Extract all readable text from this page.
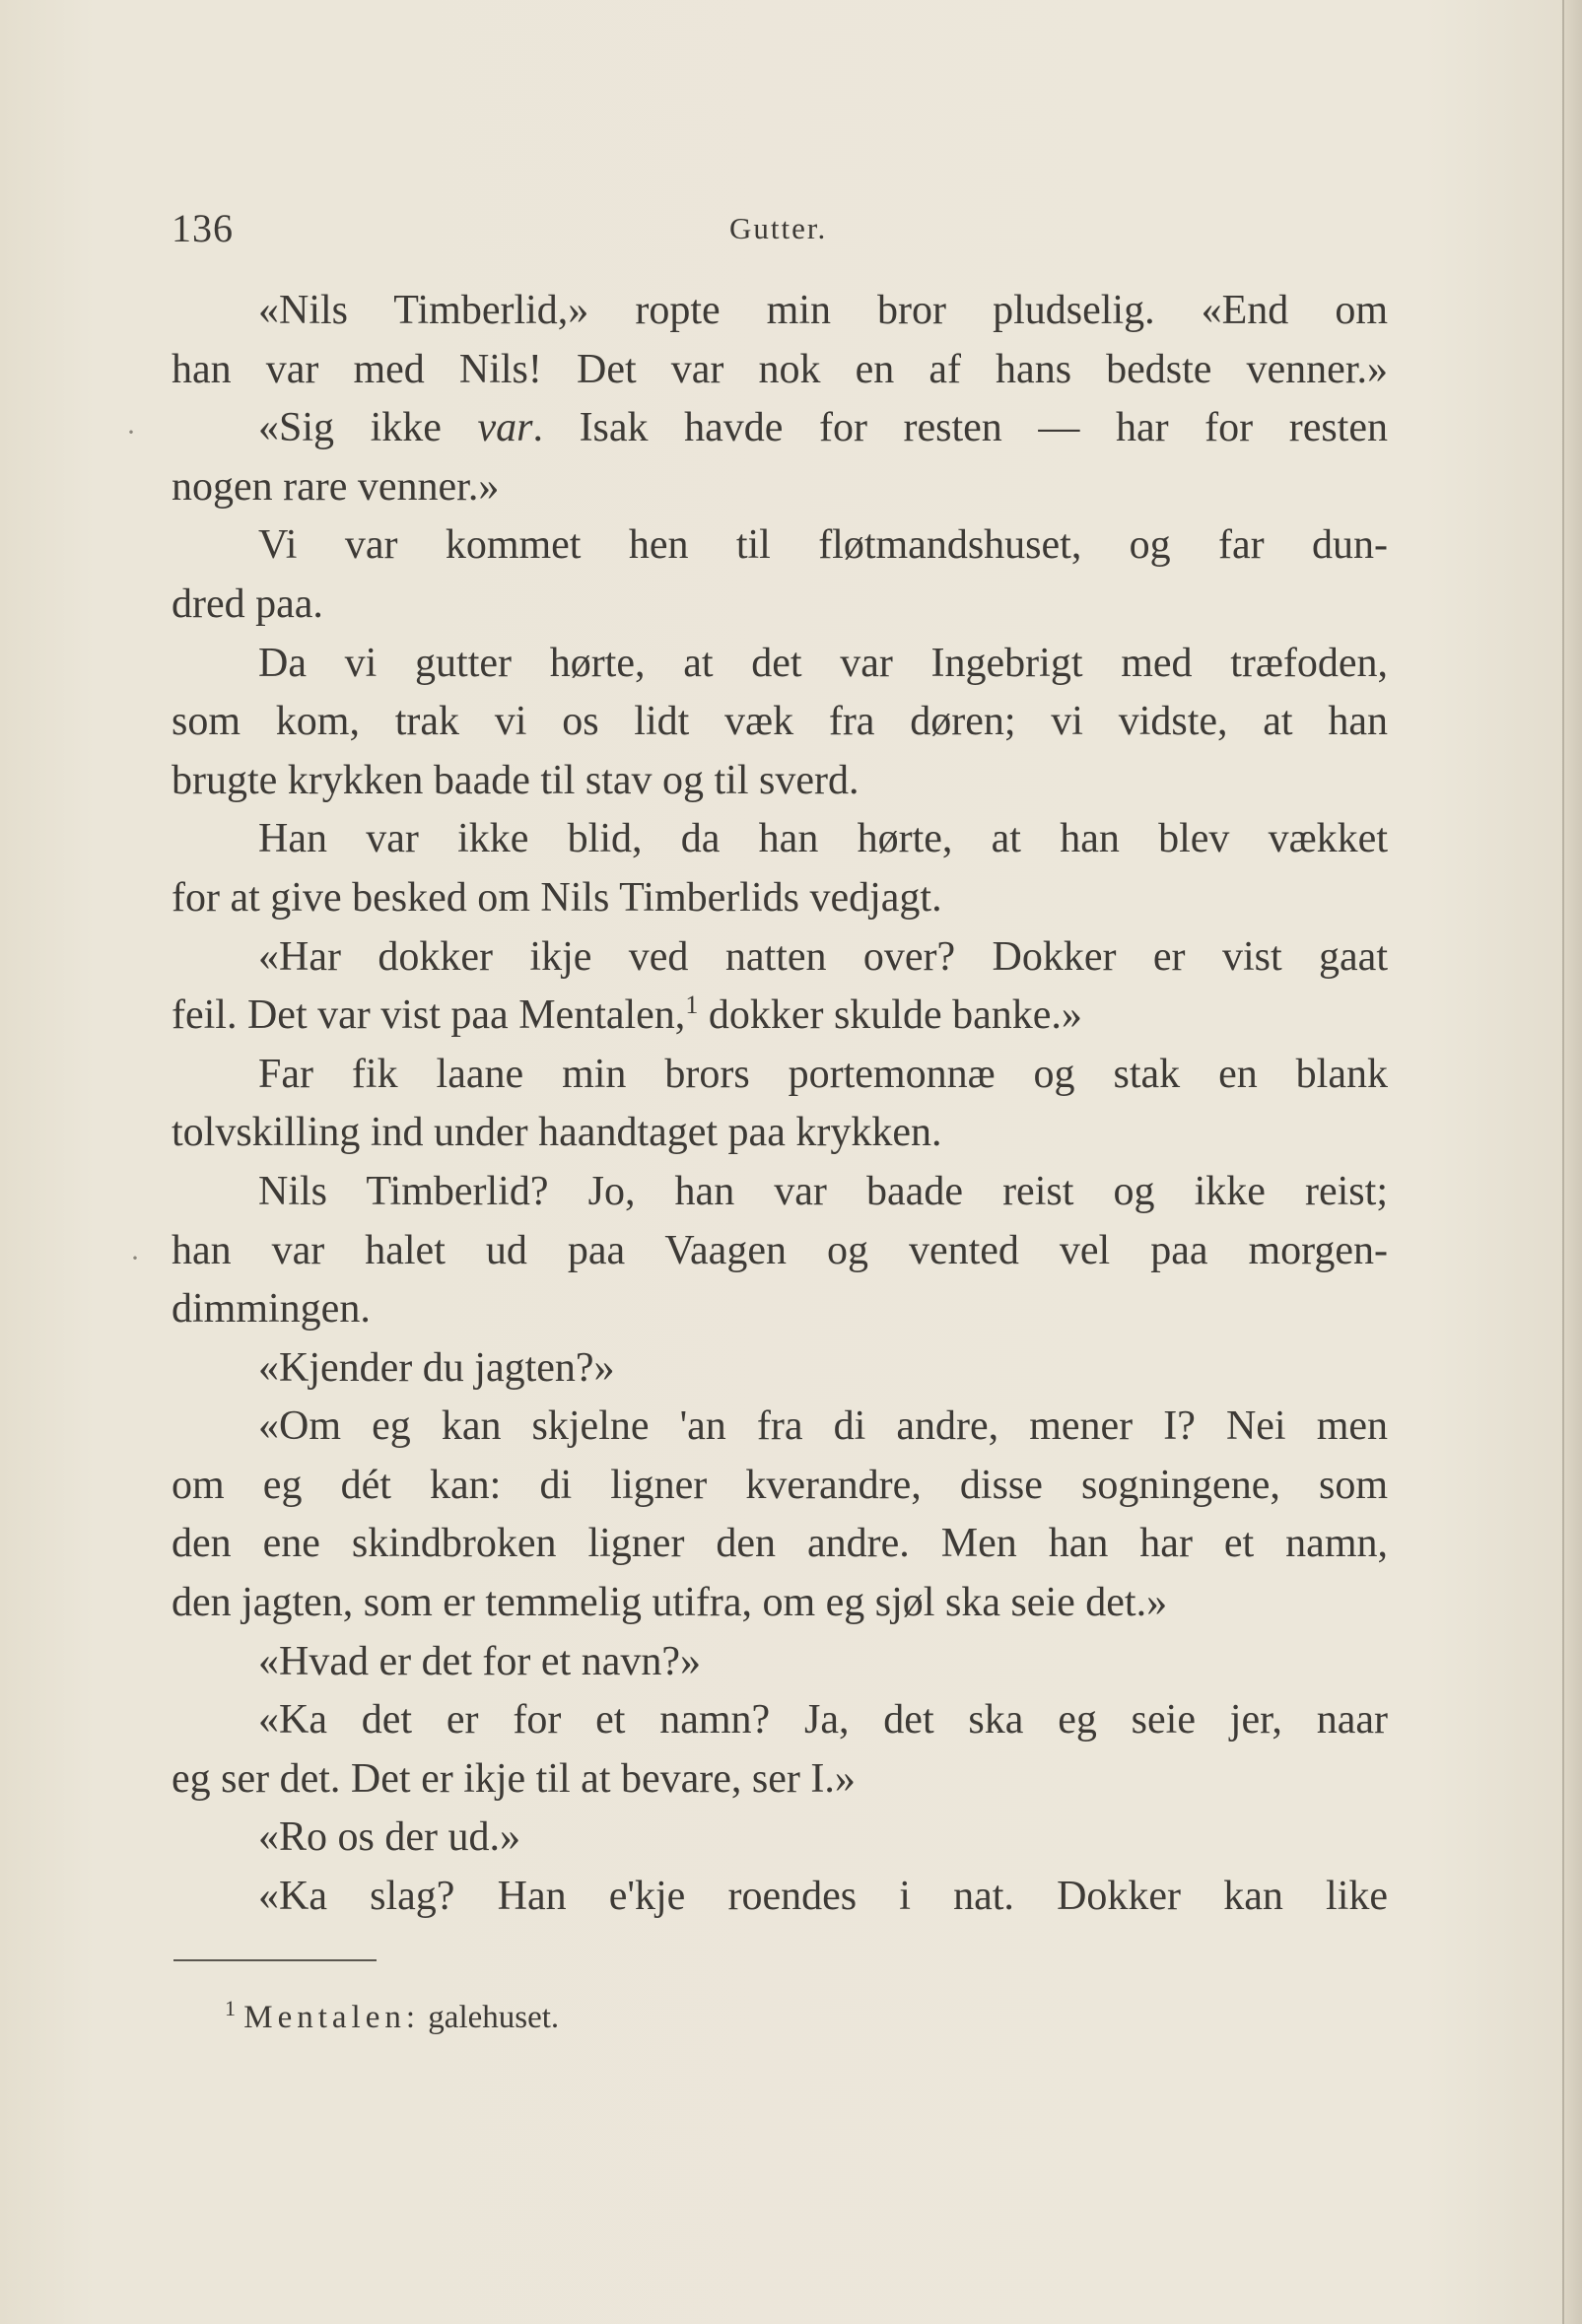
136	Gutter.
«Nils Timberlid,» ropte min bror pludselig. «End om
han var med Nils! Det var nok en af hans bedste venner.»
«Sig ikke var. Isak havde for resten — har for resten
nogen rare venner.»
Vi var kommet hen til fløtmandshuset, og far dun-
dred paa.
Da vi gutter hørte, at det var Ingebrigt med træfoden,
som kom, trak vi os lidt væk fra døren; vi vidste, at han
brugte krykken baade til stav og til sverd.
Han var ikke blid, da han hørte, at han blev vækket
for at give besked om Nils Timberlids vedjagt.
«Har dokker ikje ved natten over? Dokker er vist gaat
feil. Det var vist paa Mentalen,$^1$ dokker skulde banke.»
Far fik laane min brors portemonnæ og stak en blank
tolvskilling ind under haandtaget paa krykken.
Nils Timberlid? Jo, han var baade reist og ikke reist;
han var halet ud paa Vaagen og vented vel paa morgen-
dimmingen.
«Kjender du jagten?»
«Om eg kan skjelne 'an fra di andre, mener I? Nei men
om eg dét kan: di ligner kverandre, disse sogningene, som
den ene skindbroken ligner den andre. Men han har et namn,
den jagten, som er temmelig utifra, om eg sjøl ska seie det.»
«Hvad er det for et navn?»
«Ka det er for et namn? Ja, det ska eg seie jer, naar
eg ser det. Det er ikje til at bevare, ser I.»
«Ro os der ud.»
«Ka slag? Han e'kje roendes i nat. Dokker kan like
$^1$ Mentalen: galehuset.
·
·
